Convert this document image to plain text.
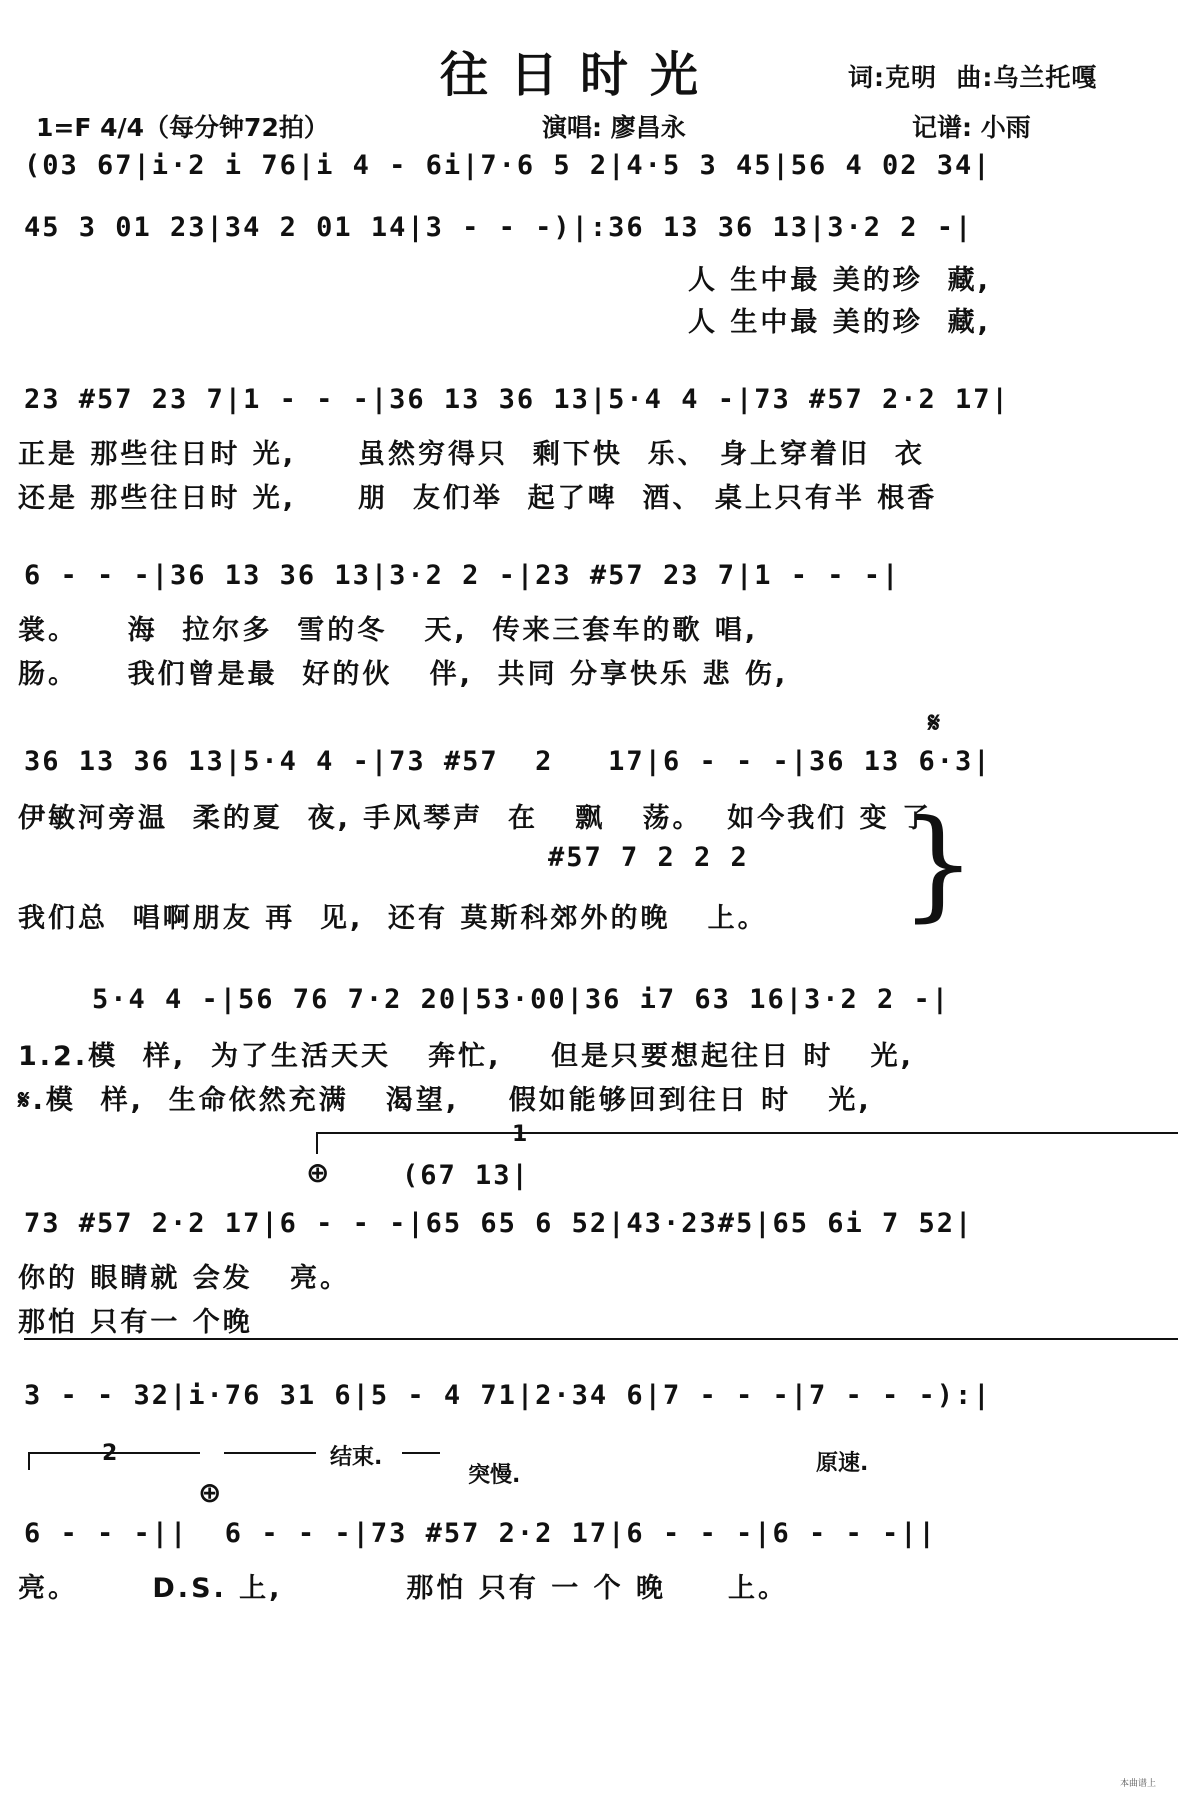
往日时光	词:克明  曲:乌兰托嘎
1=F 4/4（每分钟72拍）	演唱: 廖昌永	记谱: 小雨
(03 67|i·2 i 76|i 4 - 6i|7·6 5 2|4·5 3 45|56 4 02 34|
45 3 01 23|34 2 01 14|3 - - -)|:36 13 36 13|3·2 2 -|
人 生中最 美的珍  藏,
人 生中最 美的珍  藏,
23 #57 23 7|1 - - -|36 13 36 13|5·4 4 -|73 #57 2·2 17|
正是 那些往日时 光,     虽然穷得只  剩下快  乐、 身上穿着旧  衣
还是 那些往日时 光,     朋  友们举  起了啤  酒、 桌上只有半 根香
6 - - -|36 13 36 13|3·2 2 -|23 #57 23 7|1 - - -|
裳。    海  拉尔多  雪的冬   天,  传来三套车的歌 唱,
肠。    我们曾是最  好的伙   伴,  共同 分享快乐 悲 伤,
𝄋
36 13 36 13|5·4 4 -|73 #57  2   17|6 - - -|36 13 6·3|
伊敏河旁温  柔的夏  夜, 手风琴声  在   飘   荡。  如今我们 变 了
#57 7 2 2 2
我们总  唱啊朋友 再  见,  还有 莫斯科郊外的晚   上。 }
5·4 4 -|56 76 7·2 20|53·00|36 i7 63 16|3·2 2 -|
1.2.模  样,  为了生活天天   奔忙,    但是只要想起往日 时   光,
𝄋.模  样,  生命依然充满   渴望,    假如能够回到往日 时   光,
1
⊕	(67 13|
73 #57 2·2 17|6 - - -|65 65 6 52|43·23#5|65 6i 7 52|
你的 眼睛就 会发   亮。
那怕 只有一 个晚
3 - - 32|i·76 31 6|5 - 4 71|2·34 6|7 - - -|7 - - -):|
2	结束.
突慢.	原速.
⊕
6 - - -||  6 - - -|73 #57 2·2 17|6 - - -|6 - - -||
亮。      D.S. 上,          那怕 只有 一 个 晚     上。
本曲谱上
